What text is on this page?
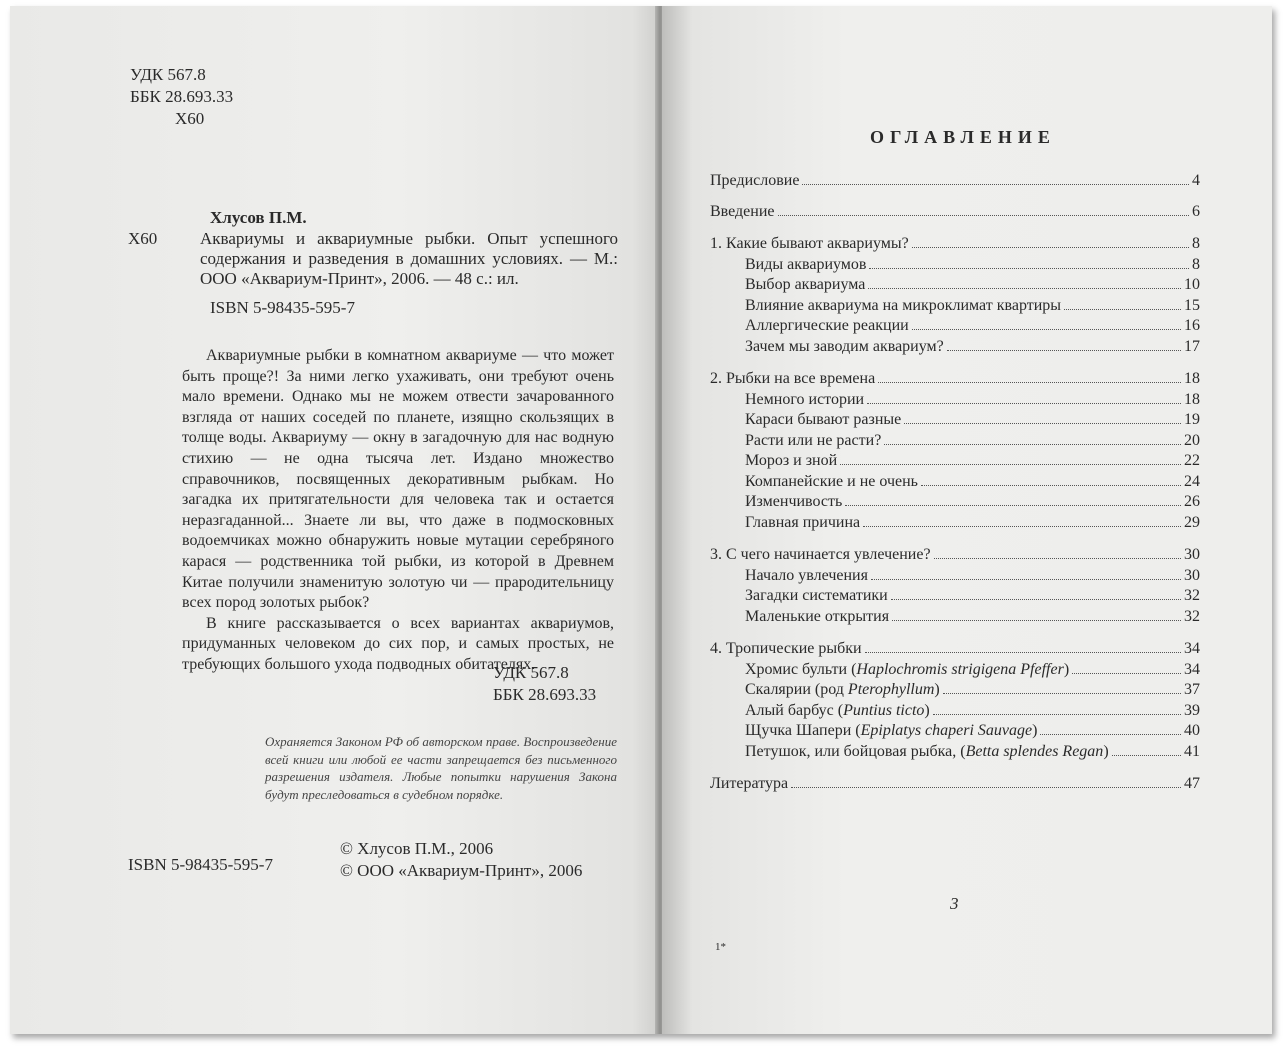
УДК 567.8
ББК 28.693.33
Х60
Хлусов П.М.
Х60	Аквариумы и аквариумные рыбки. Опыт успешного содержания и разведения в домашних условиях. — М.: ООО «Аквариум-Принт», 2006. — 48 с.: ил.
ISBN 5-98435-595-7

Аквариумные рыбки в комнатном аквариуме — что может быть проще?! За ними легко ухаживать, они требуют очень мало времени. Однако мы не можем отвести зачарованного взгляда от наших соседей по планете, изящно скользящих в толще воды. Аквариуму — окну в загадочную для нас водную стихию — не одна тысяча лет. Издано множество справочников, посвященных декоративным рыбкам. Но загадка их притягательности для человека так и остается неразгаданной... Знаете ли вы, что даже в подмосковных водоемчиках можно обнаружить новые мутации серебряного карася — родственника той рыбки, из которой в Древнем Китае получили знаменитую золотую чи — прародительницу всех пород золотых рыбок?

В книге рассказывается о всех вариантах аквариумов, придуманных человеком до сих пор, и самых простых, не требующих большого ухода подводных обитателях.

УДК 567.8
ББК 28.693.33
Охраняется Законом РФ об авторском праве. Воспроизведение всей книги или любой ее части запрещается без письменного разрешения издателя. Любые попытки нарушения Закона будут преследоваться в судебном порядке.
© Хлусов П.М., 2006
© ООО «Аквариум-Принт», 2006
ISBN 5-98435-595-7
ОГЛАВЛЕНИЕ
Предисловие	4
Введение	6
1. Какие бывают аквариумы?	8
Виды аквариумов	8
Выбор аквариума	10
Влияние аквариума на микроклимат квартиры	15
Аллергические реакции	16
Зачем мы заводим аквариум?	17
2. Рыбки на все времена	18
Немного истории	18
Караси бывают разные	19
Расти или не расти?	20
Мороз и зной	22
Компанейские и не очень	24
Изменчивость	26
Главная причина	29
3. С чего начинается увлечение?	30
Начало увлечения	30
Загадки систематики	32
Маленькие открытия	32
4. Тропические рыбки	34
Хромис бульти (Haplochromis strigigena Pfeffer)	34
Скалярии (род Pterophyllum)	37
Алый барбус (Puntius ticto)	39
Щучка Шапери (Epiplatys chaperi Sauvage)	40
Петушок, или бойцовая рыбка, (Betta splendes Regan)	41
Литература	47
3
1*
